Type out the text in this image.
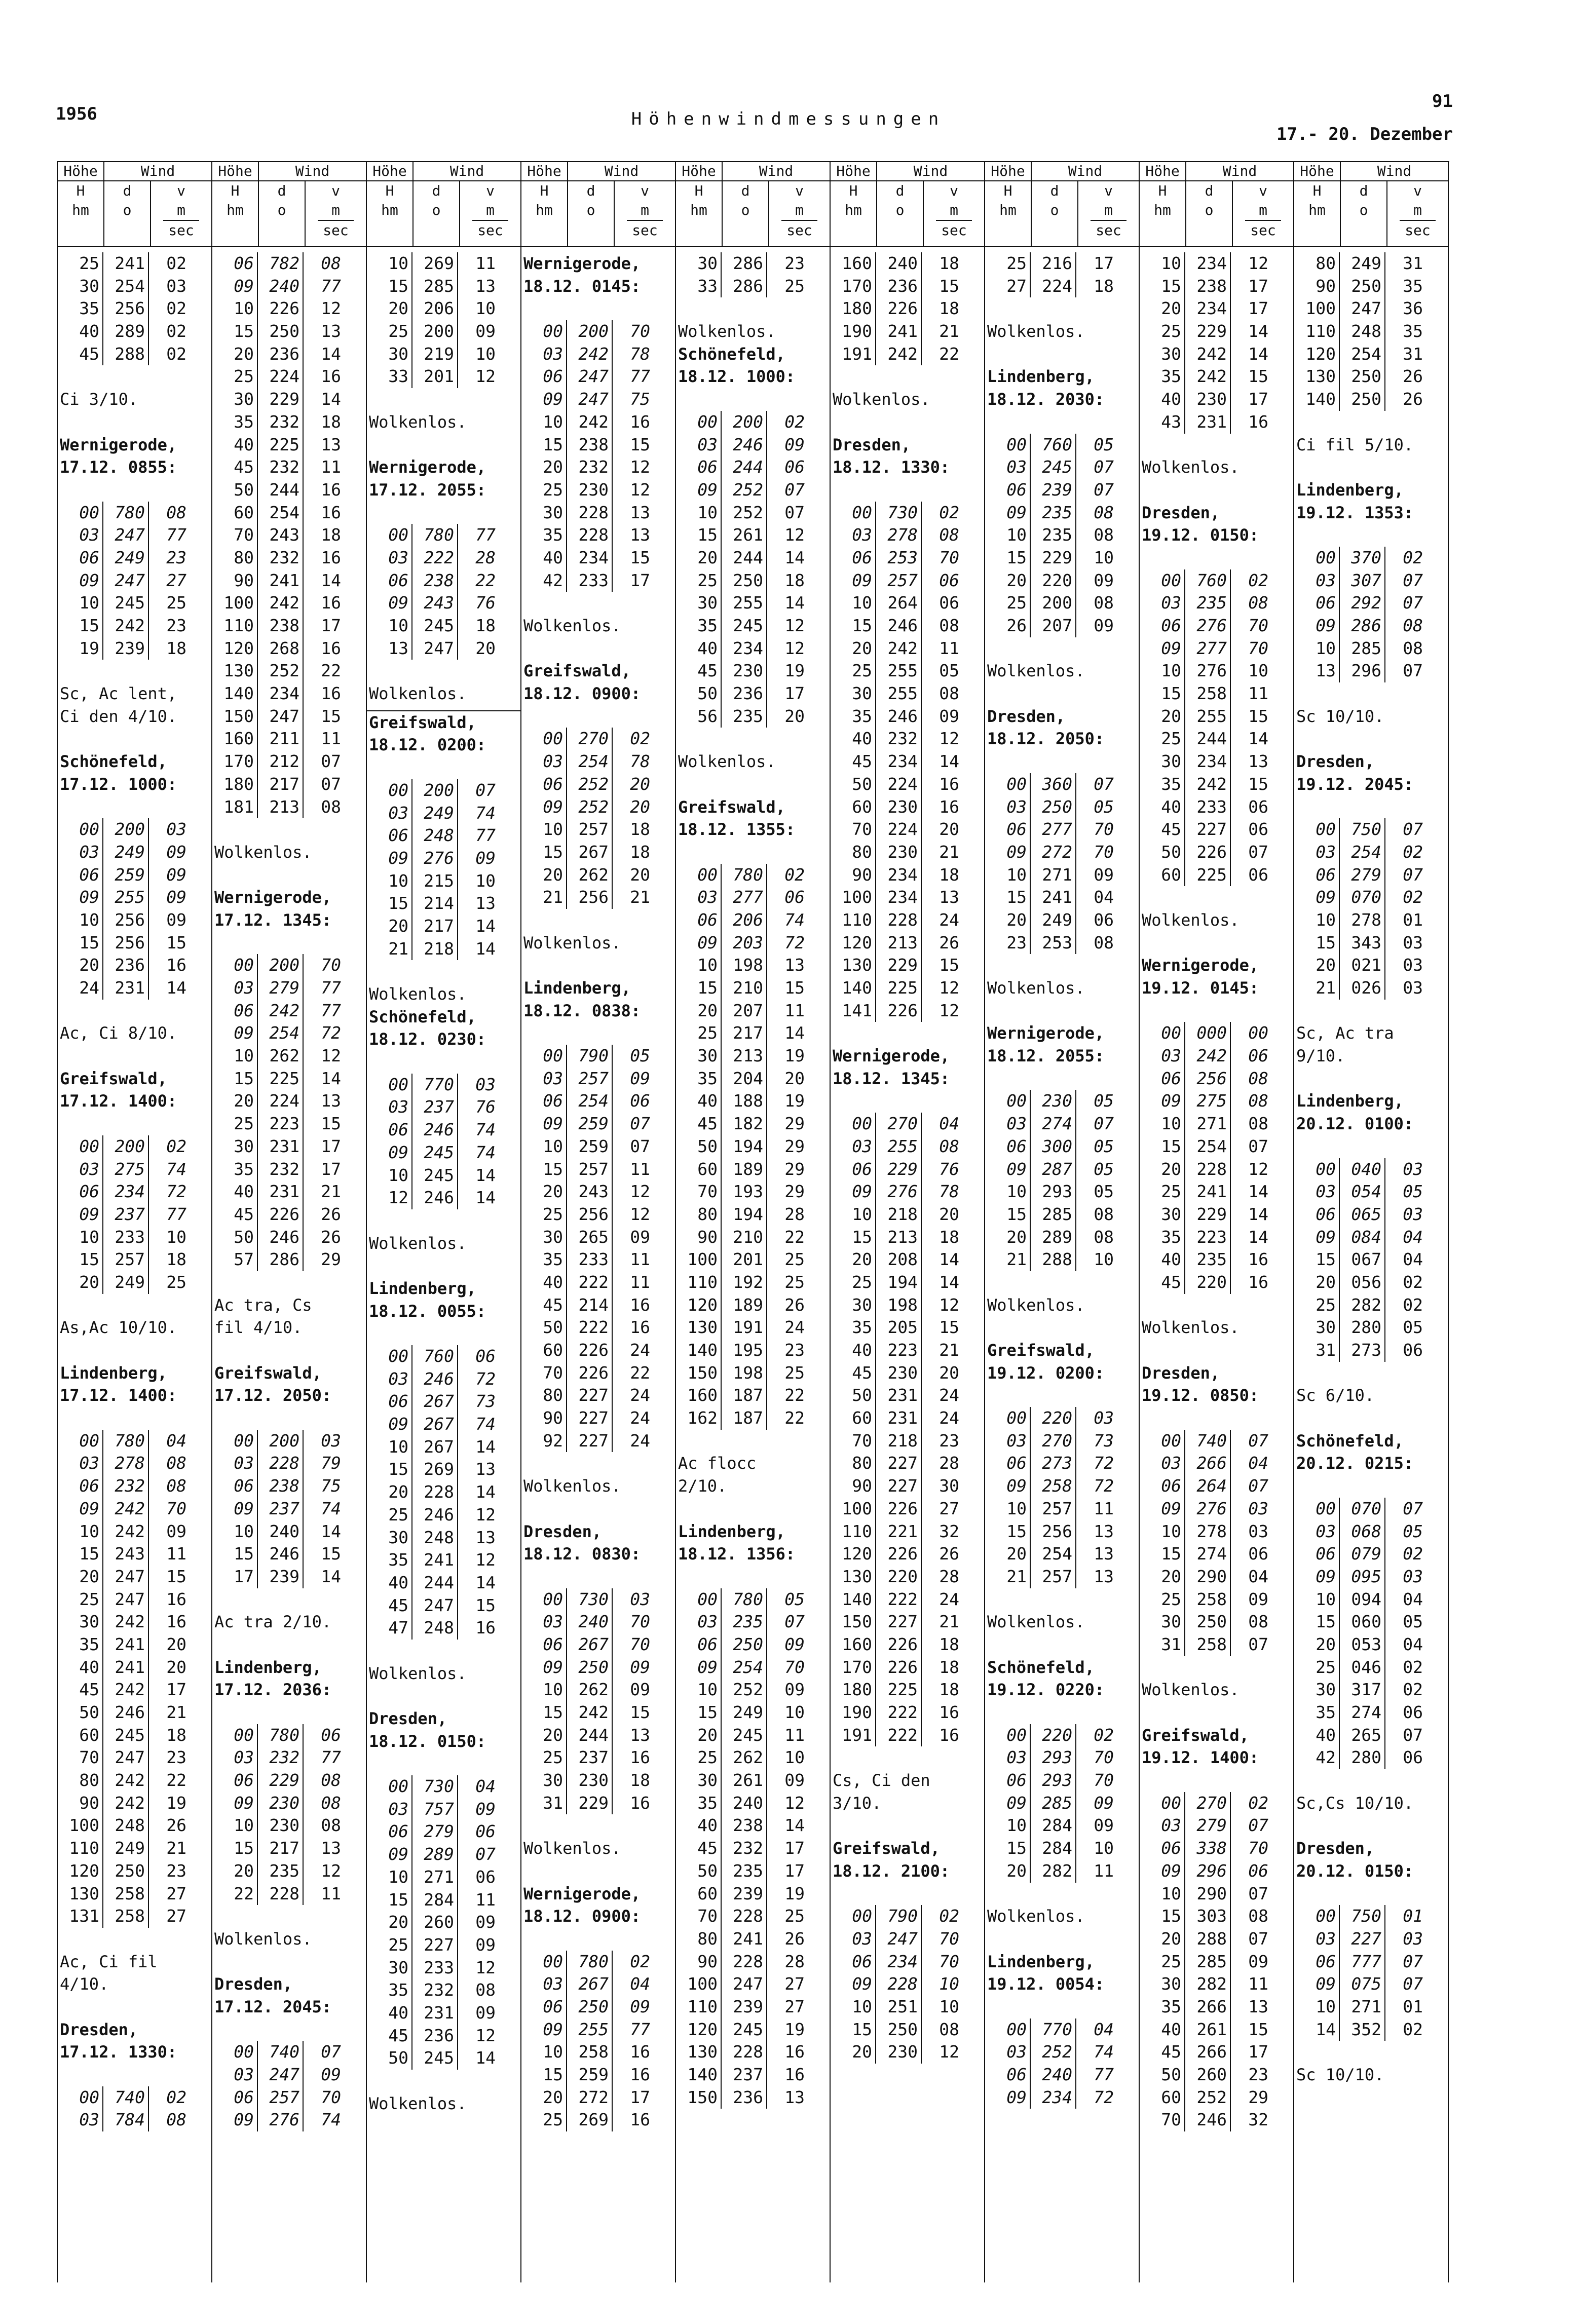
1956	Höhenwindmessungen
91
17.- 20. Dezember
Höhe	Wind
H
hm
d
o
v
m
sec
25 241	02
30 254	03
35 256	02
40 289	02
45 288	02
Ci 3/10.
Wernigerode,
17.12. 0855:
00 780	08
03 247	77
06 249	23
09 247	27
10 245	25
15 242	23
19 239	18
Sc, Ac lent,
Ci den 4/10.
Schönefeld,
17.12. 1000:
00 200	03
03 249	09
06 259	09
09 255	09
10 256	09
15 256	15
20 236	16
24 231	14
Ac, Ci 8/10.
Greifswald,
17.12. 1400:
00 200	02
03 275	74
06 234	72
09 237	77
10 233	10
15 257	18
20 249	25
As,Ac 10/10.
Lindenberg,
17.12. 1400:
00 780	04
03 278	08
06 232	08
09 242	70
10 242	09
15 243	11
20 247	15
25 247	16
30 242	16
35 241	20
40 241	20
45 242	17
50 246	21
60 245	18
70 247	23
80 242	22
90 242	19
100 248	26
110 249	21
120 250	23
130 258	27
131 258	27
Ac, Ci fil
4/10.
Dresden,
17.12. 1330:
00 740	02
03 784	08
Höhe	Wind
H
hm
d
o
v
m
sec
06 782	08
09 240	77
10 226	12
15 250	13
20 236	14
25 224	16
30 229	14
35 232	18
40 225	13
45 232	11
50 244	16
60 254	16
70 243	18
80 232	16
90 241	14
100 242	16
110 238	17
120 268	16
130 252	22
140 234	16
150 247	15
160 211	11
170 212	07
180 217	07
181 213	08
Wolkenlos.
Wernigerode,
17.12. 1345:
00 200	70
03 279	77
06 242	77
09 254	72
10 262	12
15 225	14
20 224	13
25 223	15
30 231	17
35 232	17
40 231	21
45 226	26
50 246	26
57 286	29
Ac tra, Cs
fil 4/10.
Greifswald,
17.12. 2050:
00 200	03
03 228	79
06 238	75
09 237	74
10 240	14
15 246	15
17 239	14
Ac tra 2/10.
Lindenberg,
17.12. 2036:
00 780	06
03 232	77
06 229	08
09 230	08
10 230	08
15 217	13
20 235	12
22 228	11
Wolkenlos.
Dresden,
17.12. 2045:
00 740	07
03 247	09
06 257	70
09 276	74
Höhe	Wind
H
hm
d
o
v
m
sec
10 269	11
15 285	13
20 206	10
25 200	09
30 219	10
33 201	12
Wolkenlos.
Wernigerode,
17.12. 2055:
00 780	77
03 222	28
06 238	22
09 243	76
10 245	18
13 247	20
Wolkenlos.
Greifswald,
18.12. 0200:
00 200	07
03 249	74
06 248	77
09 276	09
10 215	10
15 214	13
20 217	14
21 218	14
Wolkenlos.
Schönefeld,
18.12. 0230:
00 770	03
03 237	76
06 246	74
09 245	74
10 245	14
12 246	14
Wolkenlos.
Lindenberg,
18.12. 0055:
00 760	06
03 246	72
06 267	73
09 267	74
10 267	14
15 269	13
20 228	14
25 246	12
30 248	13
35 241	12
40 244	14
45 247	15
47 248	16
Wolkenlos.
Dresden,
18.12. 0150:
00 730	04
03 757	09
06 279	06
09 289	07
10 271	06
15 284	11
20 260	09
25 227	09
30 233	12
35 232	08
40 231	09
45 236	12
50 245	14
Wolkenlos.
Höhe	Wind
H
hm
d
o
v
m
sec
Wernigerode,
18.12. 0145:
00 200	70
03 242	78
06 247	77
09 247	75
10 242	16
15 238	15
20 232	12
25 230	12
30 228	13
35 228	13
40 234	15
42 233	17
Wolkenlos.
Greifswald,
18.12. 0900:
00 270	02
03 254	78
06 252	20
09 252	20
10 257	18
15 267	18
20 262	20
21 256	21
Wolkenlos.
Lindenberg,
18.12. 0838:
00 790	05
03 257	09
06 254	06
09 259	07
10 259	07
15 257	11
20 243	12
25 256	12
30 265	09
35 233	11
40 222	11
45 214	16
50 222	16
60 226	24
70 226	22
80 227	24
90 227	24
92 227	24
Wolkenlos.
Dresden,
18.12. 0830:
00 730	03
03 240	70
06 267	70
09 250	09
10 262	09
15 242	15
20 244	13
25 237	16
30 230	18
31 229	16
Wolkenlos.
Wernigerode,
18.12. 0900:
00 780	02
03 267	04
06 250	09
09 255	77
10 258	16
15 259	16
20 272	17
25 269	16
Höhe	Wind
H
hm
d
o
v
m
sec
30 286	23
33 286	25
Wolkenlos.
Schönefeld,
18.12. 1000:
00 200	02
03 246	09
06 244	06
09 252	07
10 252	07
15 261	12
20 244	14
25 250	18
30 255	14
35 245	12
40 234	12
45 230	19
50 236	17
56 235	20
Wolkenlos.
Greifswald,
18.12. 1355:
00 780	02
03 277	06
06 206	74
09 203	72
10 198	13
15 210	15
20 207	11
25 217	14
30 213	19
35 204	20
40 188	19
45 182	29
50 194	29
60 189	29
70 193	29
80 194	28
90 210	22
100 201	25
110 192	25
120 189	26
130 191	24
140 195	23
150 198	25
160 187	22
162 187	22
Ac flocc
2/10.
Lindenberg,
18.12. 1356:
00 780	05
03 235	07
06 250	09
09 254	70
10 252	09
15 249	10
20 245	11
25 262	10
30 261	09
35 240	12
40 238	14
45 232	17
50 235	17
60 239	19
70 228	25
80 241	26
90 228	28
100 247	27
110 239	27
120 245	19
130 228	16
140 237	16
150 236	13
Höhe	Wind
H
hm
d
o
v
m
sec
160 240	18
170 236	15
180 226	18
190 241	21
191 242	22
Wolkenlos.
Dresden,
18.12. 1330:
00 730	02
03 278	08
06 253	70
09 257	06
10 264	06
15 246	08
20 242	11
25 255	05
30 255	08
35 246	09
40 232	12
45 234	14
50 224	16
60 230	16
70 224	20
80 230	21
90 234	18
100 234	13
110 228	24
120 213	26
130 229	15
140 225	12
141 226	12
Wernigerode,
18.12. 1345:
00 270	04
03 255	08
06 229	76
09 276	78
10 218	20
15 213	18
20 208	14
25 194	14
30 198	12
35 205	15
40 223	21
45 230	20
50 231	24
60 231	24
70 218	23
80 227	28
90 227	30
100 226	27
110 221	32
120 226	26
130 220	28
140 222	24
150 227	21
160 226	18
170 226	18
180 225	18
190 222	16
191 222	16
Cs, Ci den
3/10.
Greifswald,
18.12. 2100:
00 790	02
03 247	70
06 234	70
09 228	10
10 251	10
15 250	08
20 230	12
Höhe	Wind
H
hm
d
o
v
m
sec
25 216	17
27 224	18
Wolkenlos.
Lindenberg,
18.12. 2030:
00 760	05
03 245	07
06 239	07
09 235	08
10 235	08
15 229	10
20 220	09
25 200	08
26 207	09
Wolkenlos.
Dresden,
18.12. 2050:
00 360	07
03 250	05
06 277	70
09 272	70
10 271	09
15 241	04
20 249	06
23 253	08
Wolkenlos.
Wernigerode,
18.12. 2055:
00 230	05
03 274	07
06 300	05
09 287	05
10 293	05
15 285	08
20 289	08
21 288	10
Wolkenlos.
Greifswald,
19.12. 0200:
00 220	03
03 270	73
06 273	72
09 258	72
10 257	11
15 256	13
20 254	13
21 257	13
Wolkenlos.
Schönefeld,
19.12. 0220:
00 220	02
03 293	70
06 293	70
09 285	09
10 284	09
15 284	10
20 282	11
Wolkenlos.
Lindenberg,
19.12. 0054:
00 770	04
03 252	74
06 240	77
09 234	72
Höhe	Wind
H
hm
d
o
v
m
sec
10 234	12
15 238	17
20 234	17
25 229	14
30 242	14
35 242	15
40 230	17
43 231	16
Wolkenlos.
Dresden,
19.12. 0150:
00 760	02
03 235	08
06 276	70
09 277	70
10 276	10
15 258	11
20 255	15
25 244	14
30 234	13
35 242	15
40 233	06
45 227	06
50 226	07
60 225	06
Wolkenlos.
Wernigerode,
19.12. 0145:
00 000	00
03 242	06
06 256	08
09 275	08
10 271	08
15 254	07
20 228	12
25 241	14
30 229	14
35 223	14
40 235	16
45 220	16
Wolkenlos.
Dresden,
19.12. 0850:
00 740	07
03 266	04
06 264	07
09 276	03
10 278	03
15 274	06
20 290	04
25 258	09
30 250	08
31 258	07
Wolkenlos.
Greifswald,
19.12. 1400:
00 270	02
03 279	07
06 338	70
09 296	06
10 290	07
15 303	08
20 288	07
25 285	09
30 282	11
35 266	13
40 261	15
45 266	17
50 260	23
60 252	29
70 246	32
Höhe	Wind
H
hm
d
o
v
m
sec
80 249	31
90 250	35
100 247	36
110 248	35
120 254	31
130 250	26
140 250	26
Ci fil 5/10.
Lindenberg,
19.12. 1353:
00 370	02
03 307	07
06 292	07
09 286	08
10 285	08
13 296	07
Sc 10/10.
Dresden,
19.12. 2045:
00 750	07
03 254	02
06 279	07
09 070	02
10 278	01
15 343	03
20 021	03
21 026	03
Sc, Ac tra
9/10.
Lindenberg,
20.12. 0100:
00 040	03
03 054	05
06 065	03
09 084	04
15 067	04
20 056	02
25 282	02
30 280	05
31 273	06
Sc 6/10.
Schönefeld,
20.12. 0215:
00 070	07
03 068	05
06 079	02
09 095	03
10 094	04
15 060	05
20 053	04
25 046	02
30 317	02
35 274	06
40 265	07
42 280	06
Sc,Cs 10/10.
Dresden,
20.12. 0150:
00 750	01
03 227	03
06 777	07
09 075	07
10 271	01
14 352	02
Sc 10/10.
